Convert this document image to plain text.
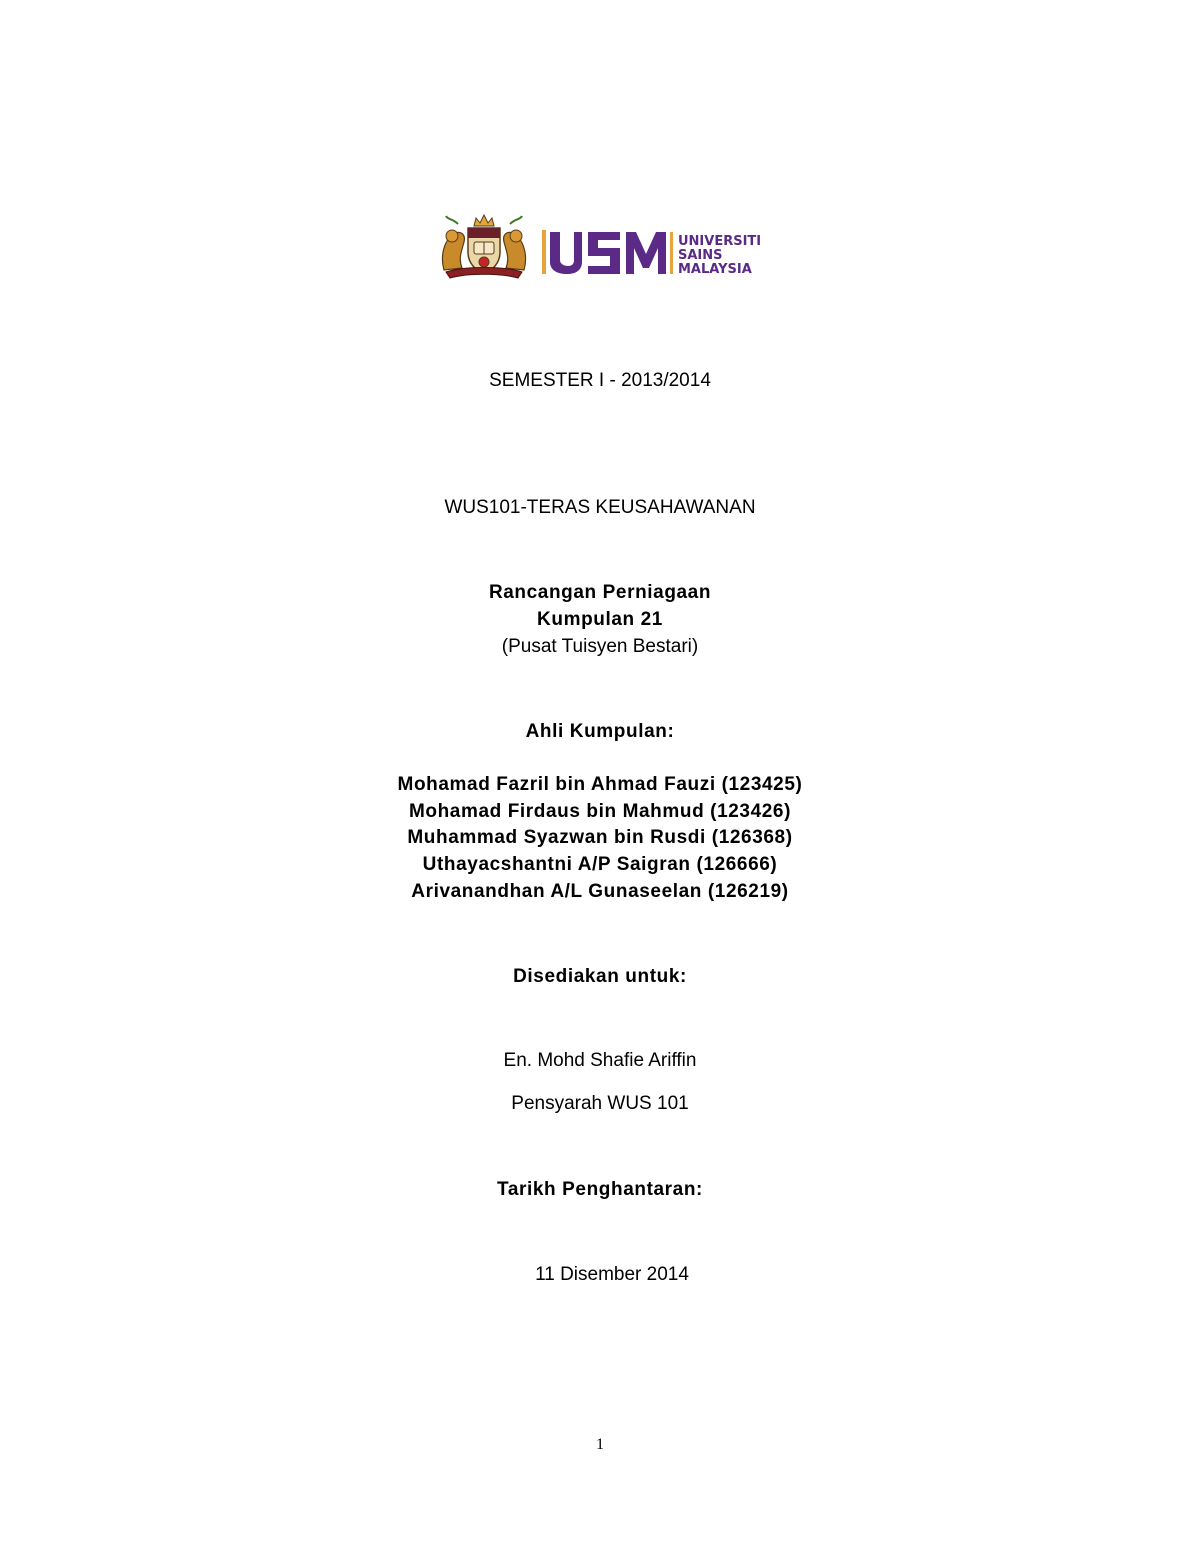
UNIVERSITI
SAINS
MALAYSIA
SEMESTER I - 2013/2014
WUS101-TERAS KEUSAHAWANAN
Rancangan Perniagaan
Kumpulan 21
(Pusat Tuisyen Bestari)
Ahli Kumpulan:
Mohamad Fazril bin Ahmad Fauzi (123425)
Mohamad Firdaus bin Mahmud (123426)
Muhammad Syazwan bin Rusdi (126368)
Uthayacshantni A/P Saigran (126666)
Arivanandhan A/L Gunaseelan (126219)
Disediakan untuk:
En. Mohd Shafie Ariffin
Pensyarah WUS 101
Tarikh Penghantaran:
11 Disember 2014
1
